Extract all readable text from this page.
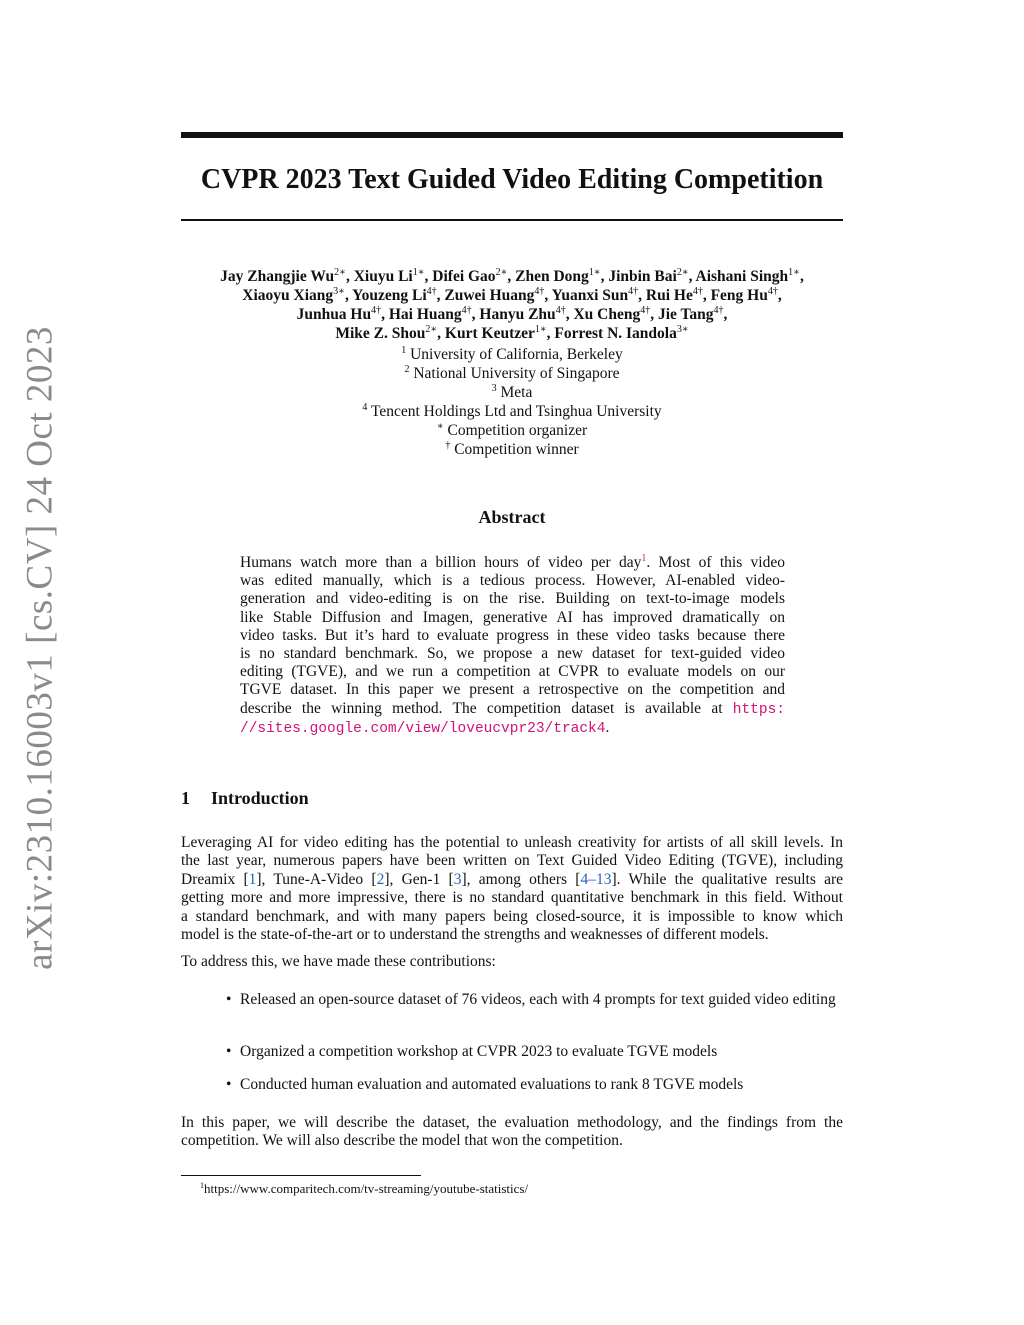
arXiv:2310.16003v1 [cs.CV] 24 Oct 2023
CVPR 2023 Text Guided Video Editing Competition
Jay Zhangjie $Wu^{2∗}$, Xiuyu $Li^{1∗}$, Difei Gao$^{2∗}$, Zhen Dong$^{1∗}$, Jinbin Bai$^{2∗}$, Aishani Singh$^{1∗}$,
Xiaoyu Xiang$^{3∗}$, Youzeng $Li^{4\dagger}$, Zuwei Huang$^{4\dagger}$, Yuanxi Sun$^{4\dagger}$, Rui $He^{4\dagger}$, Feng $Hu^{4\dagger}$,
Junhua $Hu^{4\dagger}$, Hai Huang$^{4\dagger}$, Hanyu Zhu$^{4\dagger}$, Xu Cheng$^{4\dagger}$, Jie Tang$^{4\dagger}$,
Mike Z. Shou$^{2∗}$, Kurt Keutzer$^{1∗}$, Forrest N. Iandola$^{3∗}$
$^1$ University of California, Berkeley
$^2$ National University of Singapore
$^3$ Meta
$^4$ Tencent Holdings Ltd and Tsinghua University
∗ Competition organizer
† Competition winner
Abstract
Humans watch more than a billion hours of video per day$^1$. Most of this video
was edited manually, which is a tedious process. However, AI-enabled video-
generation and video-editing is on the rise. Building on text-to-image models
like Stable Diffusion and Imagen, generative AI has improved dramatically on
video tasks. But it’s hard to evaluate progress in these video tasks because there
is no standard benchmark. So, we propose a new dataset for text-guided video
editing (TGVE), and we run a competition at CVPR to evaluate models on our
TGVE dataset. In this paper we present a retrospective on the competition and
describe the winning method. The competition dataset is available at https:
//sites.google.com/view/loveucvpr23/track4.
1 Introduction
Leveraging AI for video editing has the potential to unleash creativity for artists of all skill levels. In
the last year, numerous papers have been written on Text Guided Video Editing (TGVE), including
Dreamix [1], Tune-A-Video [2], Gen-1 [3], among others [4–13]. While the qualitative results are
getting more and more impressive, there is no standard quantitative benchmark in this field. Without
a standard benchmark, and with many papers being closed-source, it is impossible to know which
model is the state-of-the-art or to understand the strengths and weaknesses of different models.
To address this, we have made these contributions:
• Released an open-source dataset of 76 videos, each with 4 prompts for text guided video editing
• Organized a competition workshop at CVPR 2023 to evaluate TGVE models
• Conducted human evaluation and automated evaluations to rank 8 TGVE models
In this paper, we will describe the dataset, the evaluation methodology, and the findings from the
competition. We will also describe the model that won the competition.
$^1$https://www.comparitech.com/tv-streaming/youtube-statistics/
